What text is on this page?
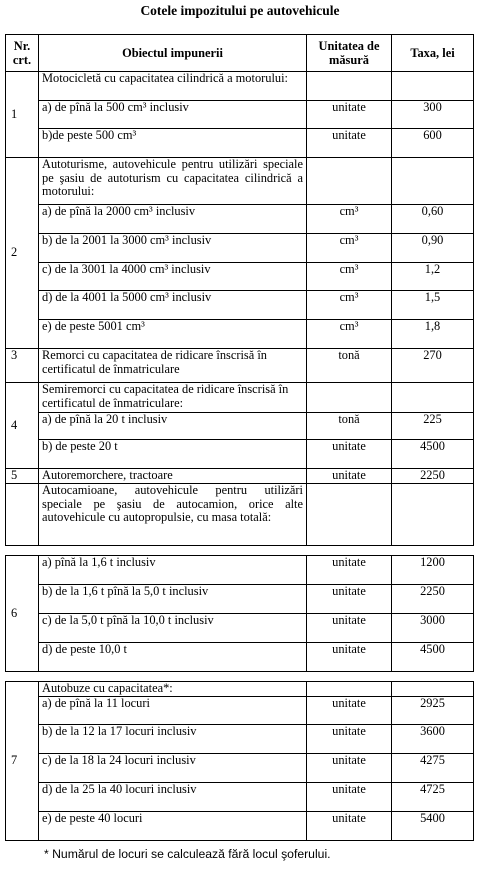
Cotele impozitului pe autovehicule
Nr. crt.	Obiectul impunerii	Unitatea de măsură	Taxa, lei
1	Motocicletă cu capacitatea cilindrică a motorului:		
	a) de pînă la 500 cm³ inclusiv	unitate	300
	b)de peste 500 cm³	unitate	600
2	Autoturisme, autovehicule pentru utilizări speciale pe şasiu de autoturism cu capacitatea cilindrică a motorului:		
	a) de pînă la 2000 cm³ inclusiv	cm³	0,60
	b) de la 2001 la 3000 cm³ inclusiv	cm³	0,90
	c) de la 3001 la 4000 cm³ inclusiv	cm³	1,2
	d) de la 4001 la 5000 cm³ inclusiv	cm³	1,5
	e) de peste 5001 cm³	cm³	1,8
3	Remorci cu capacitatea de ridicare înscrisă în certificatul de înmatriculare	tonă	270
4	Semiremorci cu capacitatea de ridicare înscrisă în certificatul de înmatriculare:		
	a) de pînă la 20 t inclusiv	tonă	225
	b) de peste 20 t	unitate	4500
5	Autoremorchere, tractoare	unitate	2250
	Autocamioane, autovehicule pentru utilizări speciale pe şasiu de autocamion, orice alte autovehicule cu autopropulsie, cu masa totală:		

6	a) pînă la 1,6 t inclusiv	unitate	1200
	b) de la 1,6 t pînă la 5,0 t inclusiv	unitate	2250
	c) de la 5,0 t pînă la 10,0 t inclusiv	unitate	3000
	d) de peste 10,0 t	unitate	4500

7	Autobuze cu capacitatea*:		
	a) de pînă la 11 locuri	unitate	2925
	b) de la 12 la 17 locuri inclusiv	unitate	3600
	c) de la 18 la 24 locuri inclusiv	unitate	4275
	d) de la 25 la 40 locuri inclusiv	unitate	4725
	e) de peste 40 locuri	unitate	5400
* Numărul de locuri se calculează fără locul şoferului.
